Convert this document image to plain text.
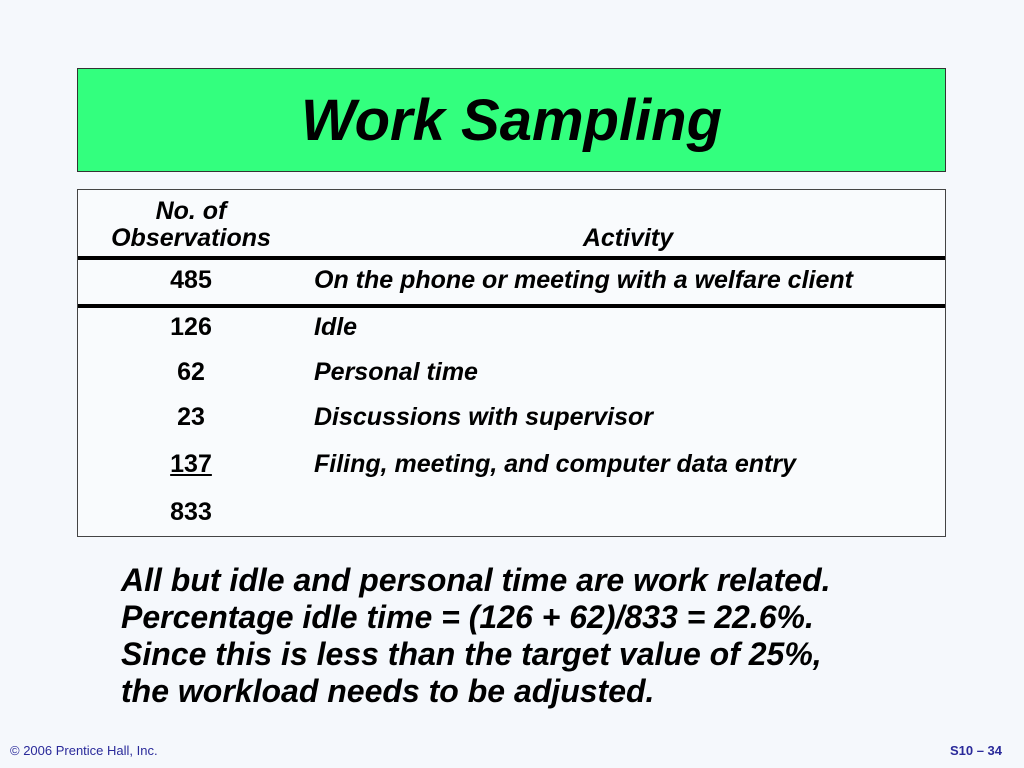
Work Sampling
No. of
Observations	Activity
485	On the phone or meeting with a welfare client
126	Idle
62	Personal time
23	Discussions with supervisor
137	Filing, meeting, and computer data entry
833
All but idle and personal time are work related.
Percentage idle time = (126 + 62)/833 = 22.6%.
Since this is less than the target value of 25%,
the workload needs to be adjusted.
© 2006 Prentice Hall, Inc.	S10 – 34
